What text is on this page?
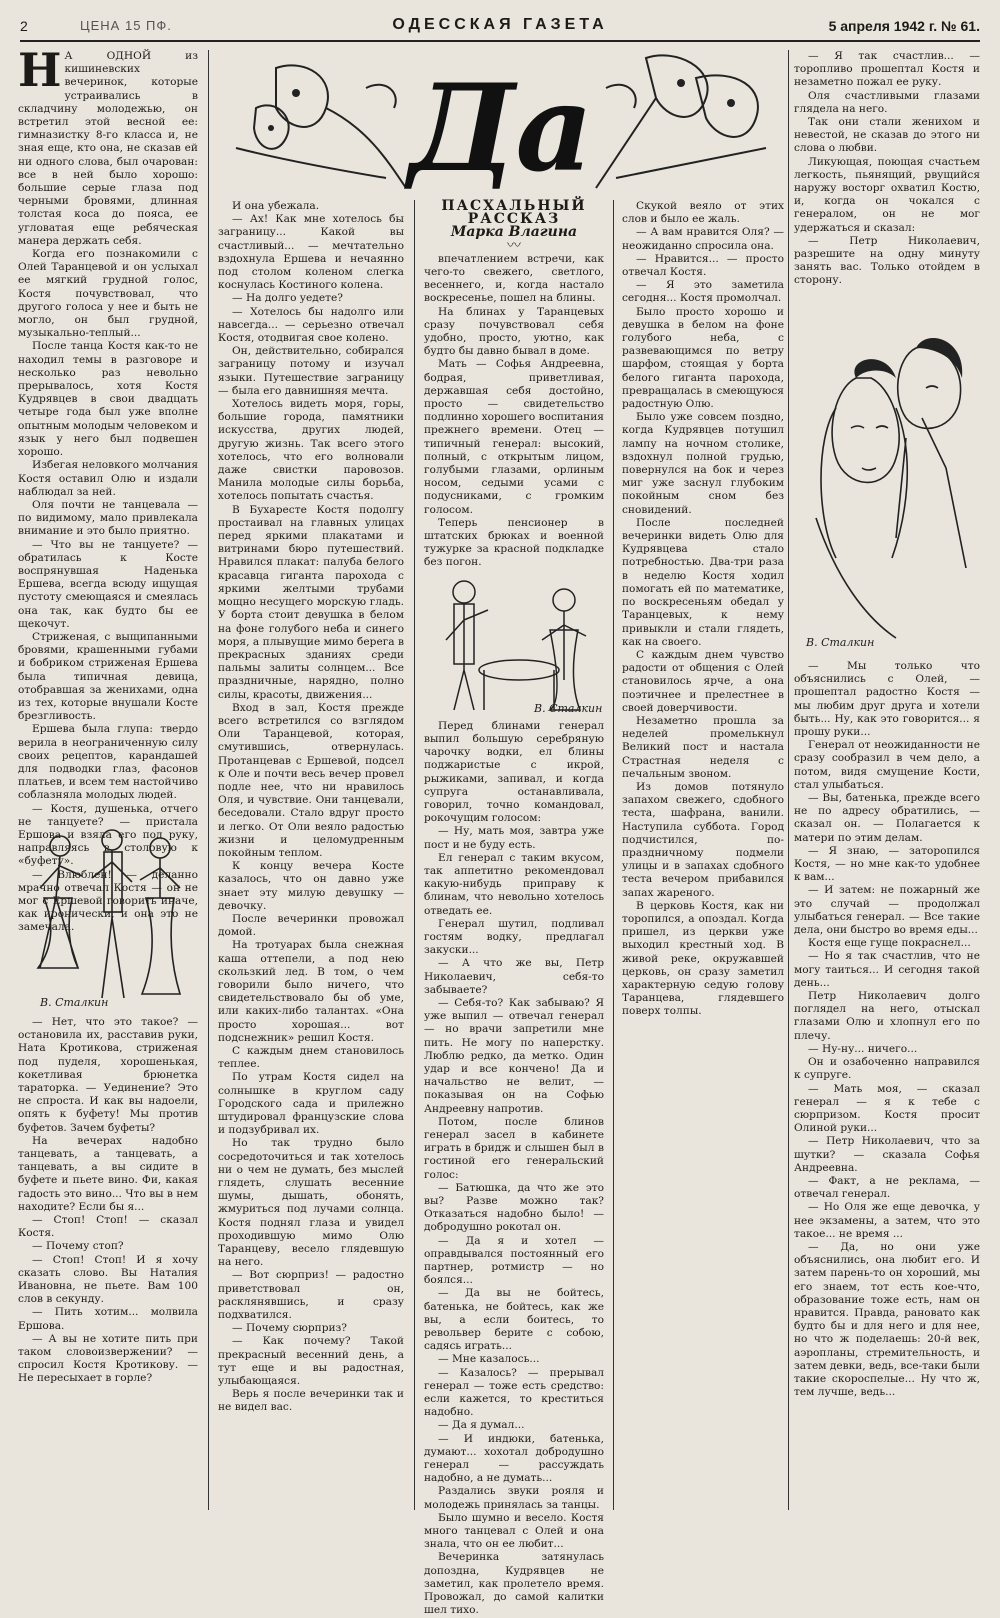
2	ЦЕНА 15 ПФ.	ОДЕССКАЯ ГАЗЕТА	5 апреля 1942 г. № 61.
Да

Н А ОДНОЙ из кишиневских вечеринок, которые устраивались в складчину молодежью, он встретил этой весной ее: гимназистку 8-го класса и, не зная еще, кто она, не сказав ей ни одного слова, был очарован: все в ней было хорошо: большие серые глаза под черными бровями, длинная толстая коса до пояса, ее угловатая еще ребяческая манера держать себя.

Когда его познакомили с Олей Таранцевой и он услыхал ее мягкий грудной голос, Костя почувствовал, что другого голоса у нее и быть не могло, он был грудной, музыкально-теплый...

После танца Костя как-то не находил темы в разговоре и несколько раз невольно прерывалось, хотя Костя Кудрявцев в свои двадцать четыре года был уже вполне опытным молодым человеком и язык у него был подвешен хорошо.

Избегая неловкого молчания Костя оставил Олю и издали наблюдал за ней.

Оля почти не танцевала — по видимому, мало привлекала внимание и это было приятно.

— Что вы не танцуете? — обратилась к Косте воспрянувшая Наденька Ершева, всегда всюду ищущая пустоту смеющаяся и смеялась она так, как будто бы ее щекочут.

Стриженая, с выщипанными бровями, крашенными губами и бобриком стриженая Ершева была типичная девица, отобравшая за женихами, одна из тех, которые внушали Косте брезгливость.

Ершева была глупа: твердо верила в неограниченную силу своих рецептов, карандашей для подводки глаз, фасонов платьев, и всем тем настойчиво соблазняла молодых людей.

— Костя, душенька, отчего не танцуете? — пристала Ершова и взяла его под руку, направляясь в столовую к «буфету».

— Влюблен! — деланно мрачно отвечал Костя — он не мог с Ершевой говорить иначе, как иронически, и она это не замечала.

В. Сталкин

— Нет, что это такое? — остановила их, расставив руки, Ната Кротикова, стриженая под пуделя, хорошенькая, кокетливая брюнетка тараторка. — Уединение? Это не спроста. И как вы надоели, опять к буфету! Мы против буфетов. Зачем буфеты?

На вечерах надобно танцевать, а танцевать, а танцевать, а вы сидите в буфете и пьете вино. Фи, какая гадость это вино... Что вы в нем находите? Если бы я...

— Стоп! Стоп! — сказал Костя.

— Почему стоп?

— Стоп! Стоп! И я хочу сказать слово. Вы Наталия Ивановна, не пьете. Вам 100 слов в секунду.

— Пить хотим... молвила Ершова.

— А вы не хотите пить при таком словоизвержении? — спросил Костя Кротикову. — Не пересыхает в горле?

И она убежала.

— Ах! Как мне хотелось бы заграницу... Какой вы счастливый... — мечтательно вздохнула Ершева и нечаянно под столом коленом слегка коснулась Костиного колена.

— На долго уедете?

— Хотелось бы надолго или навсегда... — серьезно отвечал Костя, отодвигая свое колено.

Он, действительно, собирался заграницу потому и изучал языки. Путешествие заграницу — была его давнишняя мечта.

Хотелось видеть моря, горы, большие города, памятники искусства, других людей, другую жизнь. Так всего этого хотелось, что его волновали даже свистки паровозов. Манила молодые силы борьба, хотелось попытать счастья.

В Бухаресте Костя подолгу простаивал на главных улицах перед яркими плакатами и витринами бюро путешествий. Нравился плакат: палуба белого красавца гиганта парохода с яркими желтыми трубами мощно несущего морскую гладь. У борта стоит девушка в белом на фоне голубого неба и синего моря, а плывущие мимо берега в прекрасных зданиях среди пальмы залиты солнцем... Все праздничные, нарядно, полно силы, красоты, движения...

Вход в зал, Костя прежде всего встретился со взглядом Оли Таранцевой, которая, смутившись, отвернулась. Протанцевав с Ершевой, подсел к Оле и почти весь вечер провел подле нее, что ни нравилось Оля, и чувствие. Они танцевали, беседовали. Стало вдруг просто и легко. От Оли веяло радостью жизни и целомудренным покойным теплом.

К концу вечера Косте казалось, что он давно уже знает эту милую девушку — девочку.

После вечеринки провожал домой.

На тротуарах была снежная каша оттепели, а под нею скользкий лед. В том, о чем говорили было ничего, что свидетельствовало бы об уме, или каких-либо талантах. «Она просто хорошая... вот подснежник» решил Костя.

С каждым днем становилось теплее.

По утрам Костя сидел на солнышке в круглом саду Городского сада и прилежно штудировал французские слова и подзубривал их.

Но так трудно было сосредоточиться и так хотелось ни о чем не думать, без мыслей глядеть, слушать весенние шумы, дышать, обонять, жмуриться под лучами солнца. Костя поднял глаза и увидел проходившую мимо Олю Таранцеву, весело глядевшую на него.

— Вот сюрприз! — радостно приветствовал он, расклянявшись, и сразу подхватился.

— Почему сюрприз?

— Как почему? Такой прекрасный весенний день, а тут еще и вы радостная, улыбающаяся.

Верь я после вечеринки так и не видел вас.

ПАСХАЛЬНЫЙ РАССКАЗ

Марка Влагина

〰

впечатлением встречи, как чего-то свежего, светлого, весеннего, и, когда настало воскресенье, пошел на блины.

На блинах у Таранцевых сразу почувствовал себя удобно, просто, уютно, как будто бы давно бывал в доме.

Мать — Софья Андреевна, бодрая, приветливая, державшая себя достойно, просто — свидетельство подлинно хорошего воспитания прежнего времени. Отец — типичный генерал: высокий, полный, с открытым лицом, голубыми глазами, орлиным носом, седыми усами с подусниками, с громким голосом.

Теперь пенсионер в штатских брюках и военной тужурке за красной подкладке без погон.

В. Сталкин

Перед блинами генерал выпил большую серебряную чарочку водки, ел блины поджаристые с икрой, рыжиками, запивал, и когда супруга останавливала, говорил, точно командовал, рокочущим голосом:

— Ну, мать моя, завтра уже пост и не буду есть.

Ел генерал с таким вкусом, так аппетитно рекомендовал какую-нибудь приправу к блинам, что невольно хотелось отведать ее.

Генерал шутил, подливал гостям водку, предлагал закуски...

— А что же вы, Петр Николаевич, себя-то забываете?

— Себя-то? Как забываю? Я уже выпил — отвечал генерал — но врачи запретили мне пить. Не могу по наперстку. Люблю редко, да метко. Один удар и все кончено! Да и начальство не велит, — показывая он на Софью Андреевну напротив.

Потом, после блинов генерал засел в кабинете играть в бридж и слышен был в гостиной его генеральский голос:

— Батюшка, да что же это вы? Разве можно так? Отказаться надобно было! — добродушно рокотал он.

— Да я и хотел — оправдывался постоянный его партнер, ротмистр — но боялся...

— Да вы не бойтесь, батенька, не бойтесь, как же вы, а если боитесь, то револьвер берите с собою, садясь играть...

— Мне казалось...

— Казалось? — прерывал генерал — тоже есть средство: если кажется, то креститься надобно.

— Да я думал...

— И индюки, батенька, думают... хохотал добродушно генерал — рассуждать надобно, а не думать...

Раздались звуки рояля и молодежь принялась за танцы.

Было шумно и весело. Костя много танцевал с Олей и она знала, что он ее любит...

Вечеринка затянулась допоздна, Кудрявцев не заметил, как пролетело время. Провожал, до самой калитки шел тихо.

Скукой веяло от этих слов и было ее жаль.

— А вам нравится Оля? — неожиданно спросила она.

— Нравится... — просто отвечал Костя.

— Я это заметила сегодня... Костя промолчал.

Было просто хорошо и девушка в белом на фоне голубого неба, с развевающимся по ветру шарфом, стоящая у борта белого гиганта парохода, превращалась в смеющуюся радостную Олю.

Было уже совсем поздно, когда Кудрявцев потушил лампу на ночном столике, вздохнул полной грудью, повернулся на бок и через миг уже заснул глубоким покойным сном без сновидений.

После последней вечеринки видеть Олю для Кудрявцева стало потребностью. Два-три раза в неделю Костя ходил помогать ей по математике, по воскресеньям обедал у Таранцевых, к нему привыкли и стали глядеть, как на своего.

С каждым днем чувство радости от общения с Олей становилось ярче, а она поэтичнее и прелестнее в своей доверчивости.

Незаметно прошла за неделей промелькнул Великий пост и настала Страстная неделя с печальным звоном.

Из домов потянуло запахом свежего, сдобного теста, шафрана, ванили. Наступила суббота. Город подчистился, по-праздничному подмели улицы и в запахах сдобного теста вечером прибавился запах жареного.

В церковь Костя, как ни торопился, а опоздал. Когда пришел, из церкви уже выходил крестный ход. В живой реке, окружавшей церковь, он сразу заметил характерную седую голову Таранцева, глядевшего поверх толпы.

— Я так счастлив... — торопливо прошептал Костя и незаметно пожал ее руку.

Оля счастливыми глазами глядела на него.

Так они стали женихом и невестой, не сказав до этого ни слова о любви.

Ликующая, поющая счастьем легкость, пьянящий, рвущийся наружу восторг охватил Костю, и, когда он чокался с генералом, он не мог удержаться и сказал:

— Петр Николаевич, разрешите на одну минуту занять вас. Только отойдем в сторону.

В. Сталкин

— Мы только что объяснились с Олей, — прошептал радостно Костя — мы любим друг друга и хотели быть... Ну, как это говорится... я прошу руки...

Генерал от неожиданности не сразу сообразил в чем дело, а потом, видя смущение Кости, стал улыбаться.

— Вы, батенька, прежде всего не по адресу обратились, — сказал он. — Полагается к матери по этим делам.

— Я знаю, — заторопился Костя, — но мне как-то удобнее к вам...

— И затем: не пожарный же это случай — продолжал улыбаться генерал. — Все такие дела, они быстро во время еды...

Костя еще гуще покраснел...

— Но я так счастлив, что не могу таиться... И сегодня такой день...

Петр Николаевич долго поглядел на него, отыскал глазами Олю и хлопнул его по плечу.

— Ну-ну... ничего...

Он и озабоченно направился к супруге.

— Мать моя, — сказал генерал — я к тебе с сюрпризом. Костя просит Олиной руки...

— Петр Николаевич, что за шутки? — сказала Софья Андреевна.

— Факт, а не реклама, — отвечал генерал.

— Но Оля же еще девочка, у нее экзамены, а затем, что это такое... не время ...

— Да, но они уже объяснились, она любит его. И затем парень-то он хороший, мы его знаем, тот есть кое-что, образование тоже есть, нам он нравится. Правда, рановато как будто бы и для него и для нее, но что ж поделаешь: 20-й век, аэропланы, стремительность, и затем девки, ведь, все-таки были такие скороспелые... Ну что ж, тем лучше, ведь...
